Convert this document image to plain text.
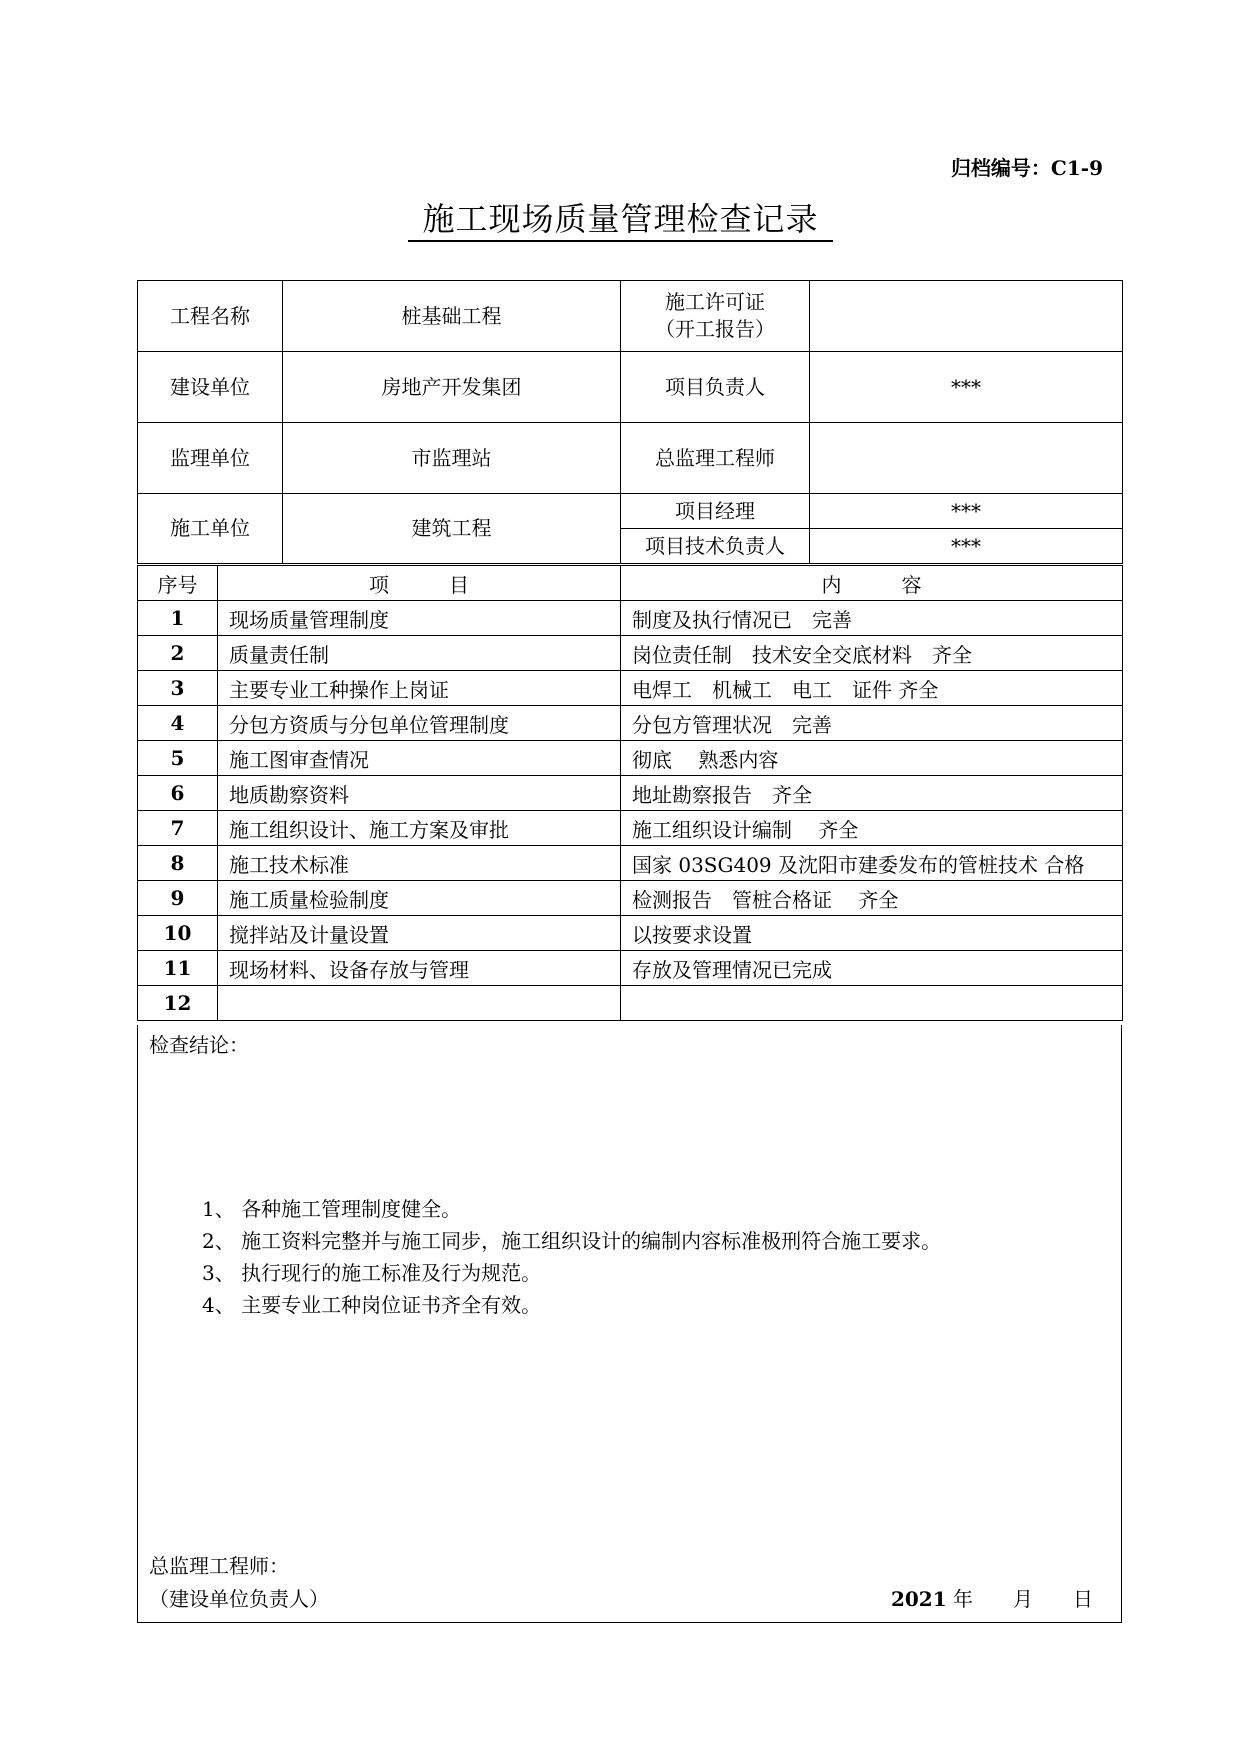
归档编号：C1-9
施工现场质量管理检查记录
工程名称	桩基础工程	施工许可证
（开工报告）	

建设单位	房地产开发集团	项目负责人	***
监理单位	市监理站	总监理工程师	
施工单位	建筑工程	项目经理	***
		项目技术负责人	***
序号	项　　　目	内　　　容
1	现场质量管理制度	制度及执行情况已　完善
2	质量责任制	岗位责任制　技术安全交底材料　齐全
3	主要专业工种操作上岗证	电焊工　机械工　电工　证件 齐全
4	分包方资质与分包单位管理制度	分包方管理状况　完善
5	施工图审查情况	彻底　 熟悉内容
6	地质勘察资料	地址勘察报告　齐全
7	施工组织设计、施工方案及审批	施工组织设计编制　 齐全
8	施工技术标准	国家 03SG409 及沈阳市建委发布的管桩技术 合格
9	施工质量检验制度	检测报告　管桩合格证　 齐全
10	搅拌站及计量设置	以按要求设置
11	现场材料、设备存放与管理	存放及管理情况已完成
12		
检查结论：
1、 各种施工管理制度健全。
2、 施工资料完整并与施工同步，施工组织设计的编制内容标准极刑符合施工要求。
3、 执行现行的施工标准及行为规范。
4、 主要专业工种岗位证书齐全有效。
总监理工程师：
（建设单位负责人）	2021 年 月 日
